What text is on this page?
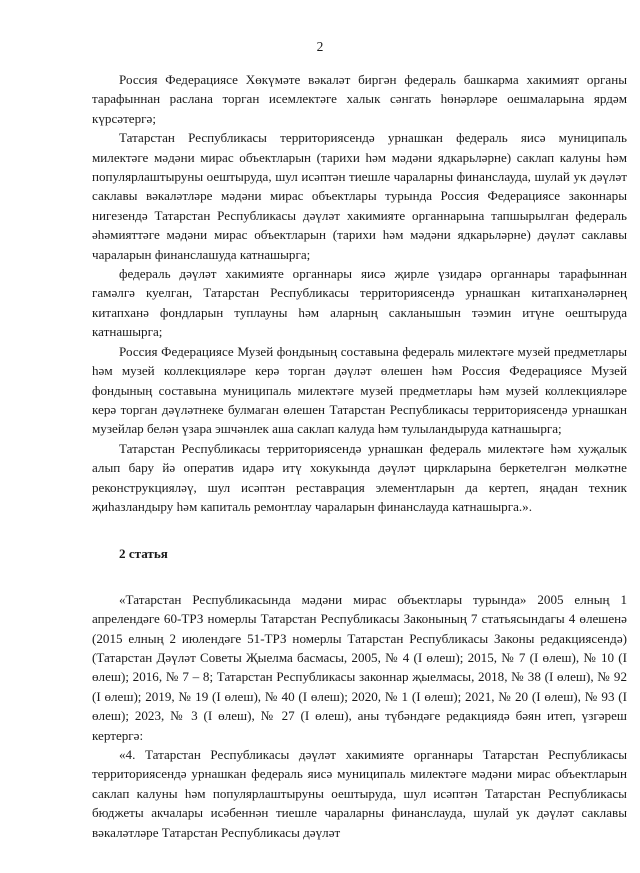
2

Россия Федерациясе Хөкүмәте вәкаләт биргән федераль башкарма хакимият органы тарафыннан раслана торган исемлектәге халык сәнгать һөнәрләре оешмаларына ярдәм күрсәтергә;

Татарстан Республикасы территориясендә урнашкан федераль яисә муниципаль милектәге мәдәни мирас объектларын (тарихи һәм мәдәни ядкарьләрне) саклап калуны һәм популярлаштыруны оештыруда, шул исәптән тиешле чараларны финанслауда, шулай ук дәүләт саклавы вәкаләтләре мәдәни мирас объектлары турында Россия Федерациясе законнары нигезендә Татарстан Республикасы дәүләт хакимияте органнарына тапшырылган федераль әһәмияттәге мәдәни мирас объектларын (тарихи һәм мәдәни ядкарьләрне) дәүләт саклавы чараларын финанслашуда катнашырга;

федераль дәүләт хакимияте органнары яисә җирле үзидарә органнары тарафыннан гамәлгә куелган, Татарстан Республикасы территориясендә урнашкан китапханәләрнең китапханә фондларын туплауны һәм аларның сакланышын тәэмин итүне оештыруда катнашырга;

Россия Федерациясе Музей фондының составына федераль милектәге музей предметлары һәм музей коллекцияләре керә торган дәүләт өлешен һәм Россия Федерациясе Музей фондының составына муниципаль милектәге музей предметлары һәм музей коллекцияләре керә торган дәүләтнеке булмаган өлешен Татарстан Республикасы территориясендә урнашкан музейлар белән үзара эшчәнлек аша саклап калуда һәм тулыландыруда катнашырга;

Татарстан Республикасы территориясендә урнашкан федераль милектәге һәм хуҗалык алып бару йә оператив идарә итү хокукында дәүләт циркларына беркетелгән мөлкәтне реконструкцияләү, шул исәптән реставрация элементларын да кертеп, яңадан техник җиһазландыру һәм капиталь ремонтлау чараларын финанслауда катнашырга.».

2 статья

«Татарстан Республикасында мәдәни мирас объектлары турында» 2005 елның 1 апрелендәге 60-ТРЗ номерлы Татарстан Республикасы Законының 7 статьясындагы 4 өлешенә (2015 елның 2 июлендәге 51-ТРЗ номерлы Татарстан Республикасы Законы редакциясендә) (Татарстан Дәүләт Советы Җыелма басмасы, 2005, № 4 (I өлеш); 2015, № 7 (I өлеш), № 10 (I өлеш); 2016, № 7 – 8; Татарстан Республикасы законнар җыелмасы, 2018, № 38 (I өлеш), № 92 (I өлеш); 2019, № 19 (I өлеш), № 40 (I өлеш); 2020, № 1 (I өлеш); 2021, № 20 (I өлеш), № 93 (I өлеш); 2023, № 3 (I өлеш), № 27 (I өлеш), аны түбәндәге редакциядә бәян итеп, үзгәреш кертергә:

«4. Татарстан Республикасы дәүләт хакимияте органнары Татарстан Республикасы территориясендә урнашкан федераль яисә муниципаль милектәге мәдәни мирас объектларын саклап калуны һәм популярлаштыруны оештыруда, шул исәптән Татарстан Республикасы бюджеты акчалары исәбеннән тиешле чараларны финанслауда, шулай ук дәүләт саклавы вәкаләтләре Татарстан Республикасы дәүләт
